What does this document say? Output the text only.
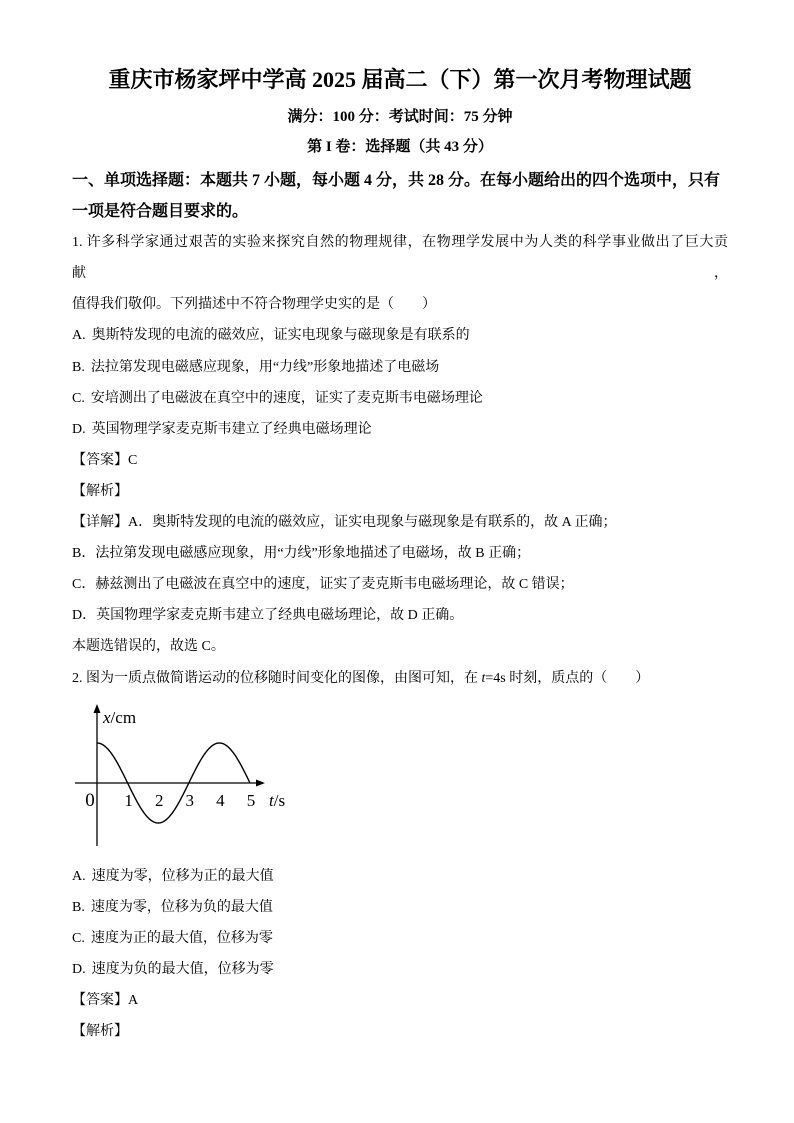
重庆市杨家坪中学高 2025 届高二（下）第一次月考物理试题

满分：100 分：考试时间：75 分钟

第 I 卷：选择题（共 43 分）

一、单项选择题：本题共 7 小题，每小题 4 分，共 28 分。在每小题给出的四个选项中，只有
一项是符合题目要求的。

1. 许多科学家通过艰苦的实验来探究自然的物理规律，在物理学发展中为人类的科学事业做出了巨大贡献，
值得我们敬仰。下列描述中不符合物理学史实的是（　　）

A. 奥斯特发现的电流的磁效应，证实电现象与磁现象是有联系的

B. 法拉第发现电磁感应现象，用“力线”形象地描述了电磁场

C. 安培测出了电磁波在真空中的速度，证实了麦克斯韦电磁场理论

D. 英国物理学家麦克斯韦建立了经典电磁场理论

【答案】C

【解析】

【详解】A．奥斯特发现的电流的磁效应，证实电现象与磁现象是有联系的，故 A 正确；

B．法拉第发现电磁感应现象，用“力线”形象地描述了电磁场，故 B 正确；

C．赫兹测出了电磁波在真空中的速度，证实了麦克斯韦电磁场理论，故 C 错误；

D．英国物理学家麦克斯韦建立了经典电磁场理论，故 D 正确。

本题选错误的，故选 C。

2. 图为一质点做简谐运动的位移随时间变化的图像，由图可知，在 t=4s 时刻，质点的（　　）

x/cm
0 1 2 3 4 5 t/s

A. 速度为零，位移为正的最大值

B. 速度为零，位移为负的最大值

C. 速度为正的最大值，位移为零

D. 速度为负的最大值，位移为零

【答案】A

【解析】
